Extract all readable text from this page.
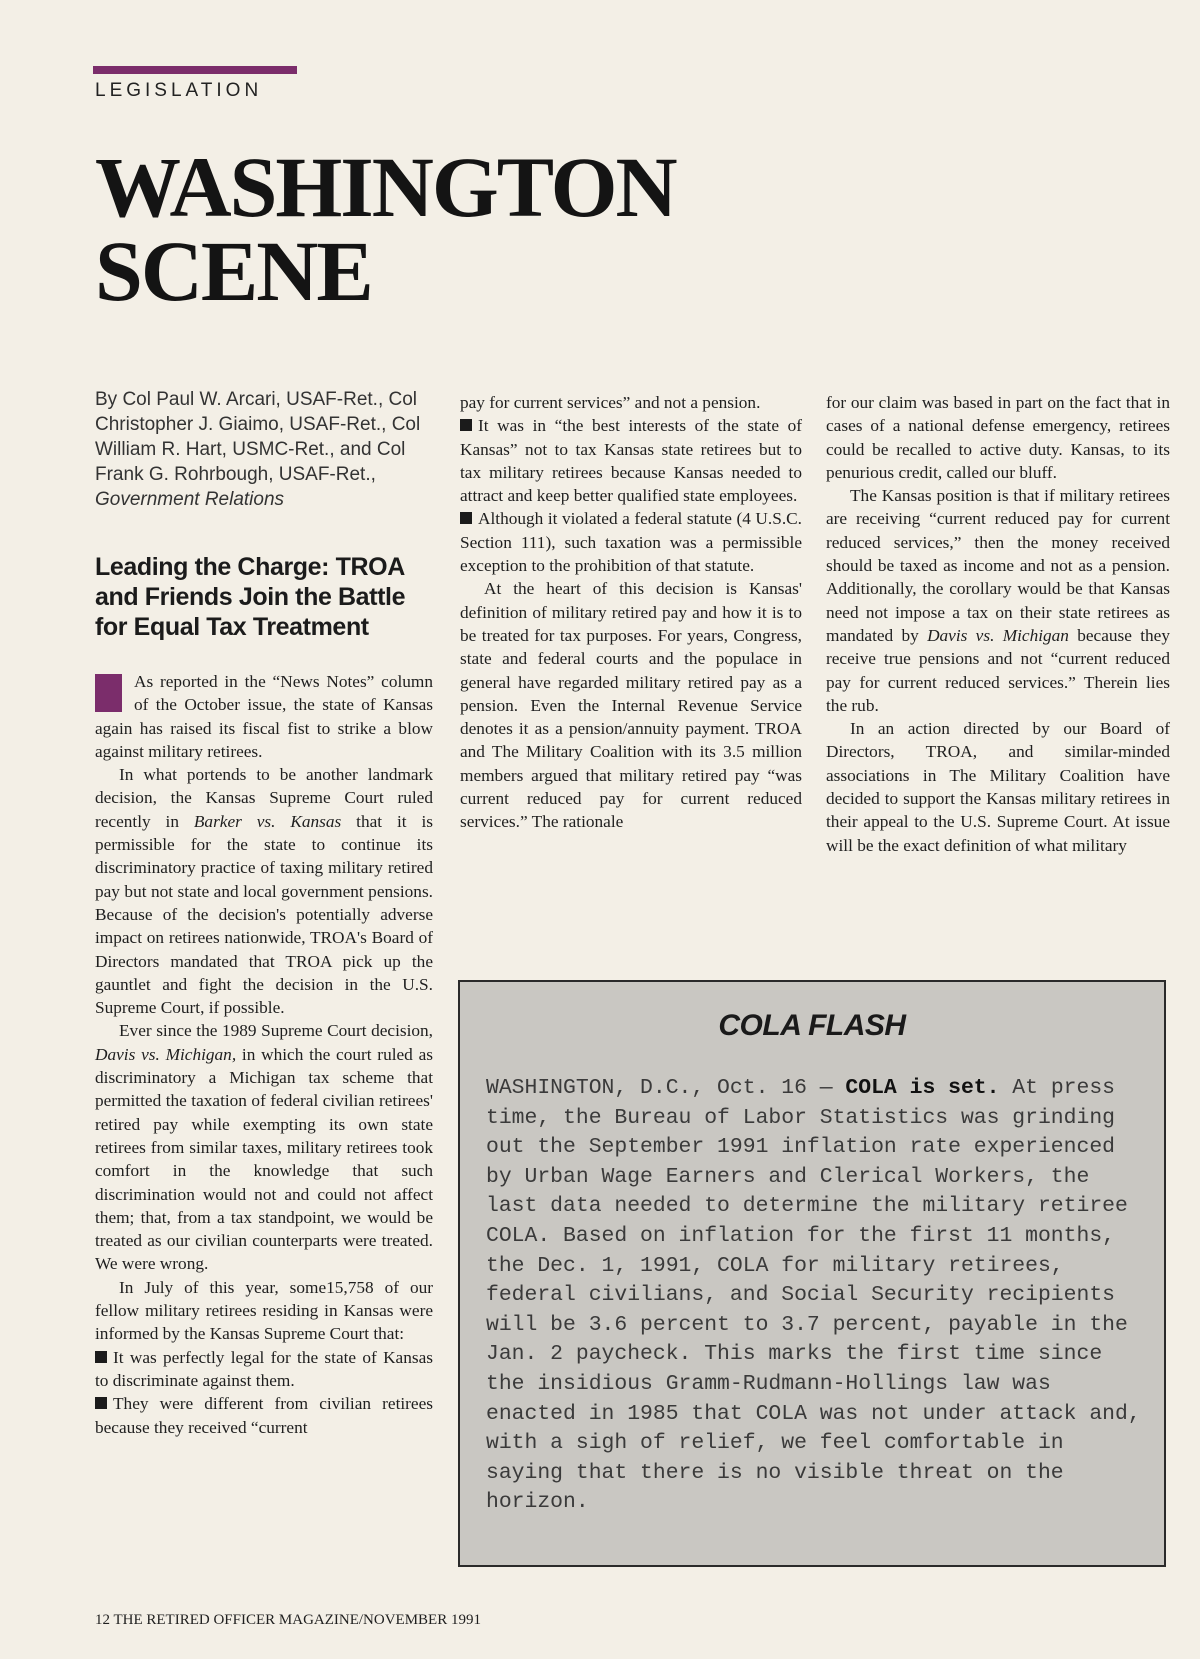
LEGISLATION
WASHINGTON
SCENE
By Col Paul W. Arcari, USAF-Ret., Col Christopher J. Giaimo, USAF-Ret., Col William R. Hart, USMC-Ret., and Col Frank G. Rohrbough, USAF-Ret., Government Relations
Leading the Charge: TROA and Friends Join the Battle for Equal Tax Treatment

As reported in the “News Notes” column of the October issue, the state of Kansas again has raised its fiscal fist to strike a blow against military retirees.

In what portends to be another landmark decision, the Kansas Supreme Court ruled recently in Barker vs. Kansas that it is permissible for the state to continue its discriminatory practice of taxing military retired pay but not state and local government pensions. Because of the decision's potentially adverse impact on retirees nationwide, TROA's Board of Directors mandated that TROA pick up the gauntlet and fight the decision in the U.S. Supreme Court, if possible.

Ever since the 1989 Supreme Court decision, Davis vs. Michigan, in which the court ruled as discriminatory a Michigan tax scheme that permitted the taxation of federal civilian retirees' retired pay while exempting its own state retirees from similar taxes, military retirees took comfort in the knowledge that such discrimination would not and could not affect them; that, from a tax standpoint, we would be treated as our civilian counterparts were treated. We were wrong.

In July of this year, some15,758 of our fellow military retirees residing in Kansas were informed by the Kansas Supreme Court that:

It was perfectly legal for the state of Kansas to discriminate against them.

They were different from civilian retirees because they received “current

pay for current services” and not a pension.

It was in “the best interests of the state of Kansas” not to tax Kansas state retirees but to tax military retirees because Kansas needed to attract and keep better qualified state employees.

Although it violated a federal statute (4 U.S.C. Section 111), such taxation was a permissible exception to the prohibition of that statute.

At the heart of this decision is Kansas' definition of military retired pay and how it is to be treated for tax purposes. For years, Congress, state and federal courts and the populace in general have regarded military retired pay as a pension. Even the Internal Revenue Service denotes it as a pension/annuity payment. TROA and The Military Coalition with its 3.5 million members argued that military retired pay “was current reduced pay for current reduced services.” The rationale

for our claim was based in part on the fact that in cases of a national defense emergency, retirees could be recalled to active duty. Kansas, to its penurious credit, called our bluff.

The Kansas position is that if military retirees are receiving “current reduced pay for current reduced services,” then the money received should be taxed as income and not as a pension. Additionally, the corollary would be that Kansas need not impose a tax on their state retirees as mandated by Davis vs. Michigan because they receive true pensions and not “current reduced pay for current reduced services.” Therein lies the rub.

In an action directed by our Board of Directors, TROA, and similar-minded associations in The Military Coalition have decided to support the Kansas military retirees in their appeal to the U.S. Supreme Court. At issue will be the exact definition of what military

COLA FLASH
WASHINGTON, D.C., Oct. 16 — COLA is set. At press time, the Bureau of Labor Statistics was grinding out the September 1991 inflation rate experienced by Urban Wage Earners and Clerical Workers, the last data needed to determine the military retiree COLA. Based on inflation for the first 11 months, the Dec. 1, 1991, COLA for military retirees, federal civilians, and Social Security recipients will be 3.6 percent to 3.7 percent, payable in the Jan. 2 paycheck. This marks the first time since the insidious Gramm-Rudmann-Hollings law was enacted in 1985 that COLA was not under attack and, with a sigh of relief, we feel comfortable in saying that there is no visible threat on the horizon.
12 THE RETIRED OFFICER MAGAZINE/NOVEMBER 1991
